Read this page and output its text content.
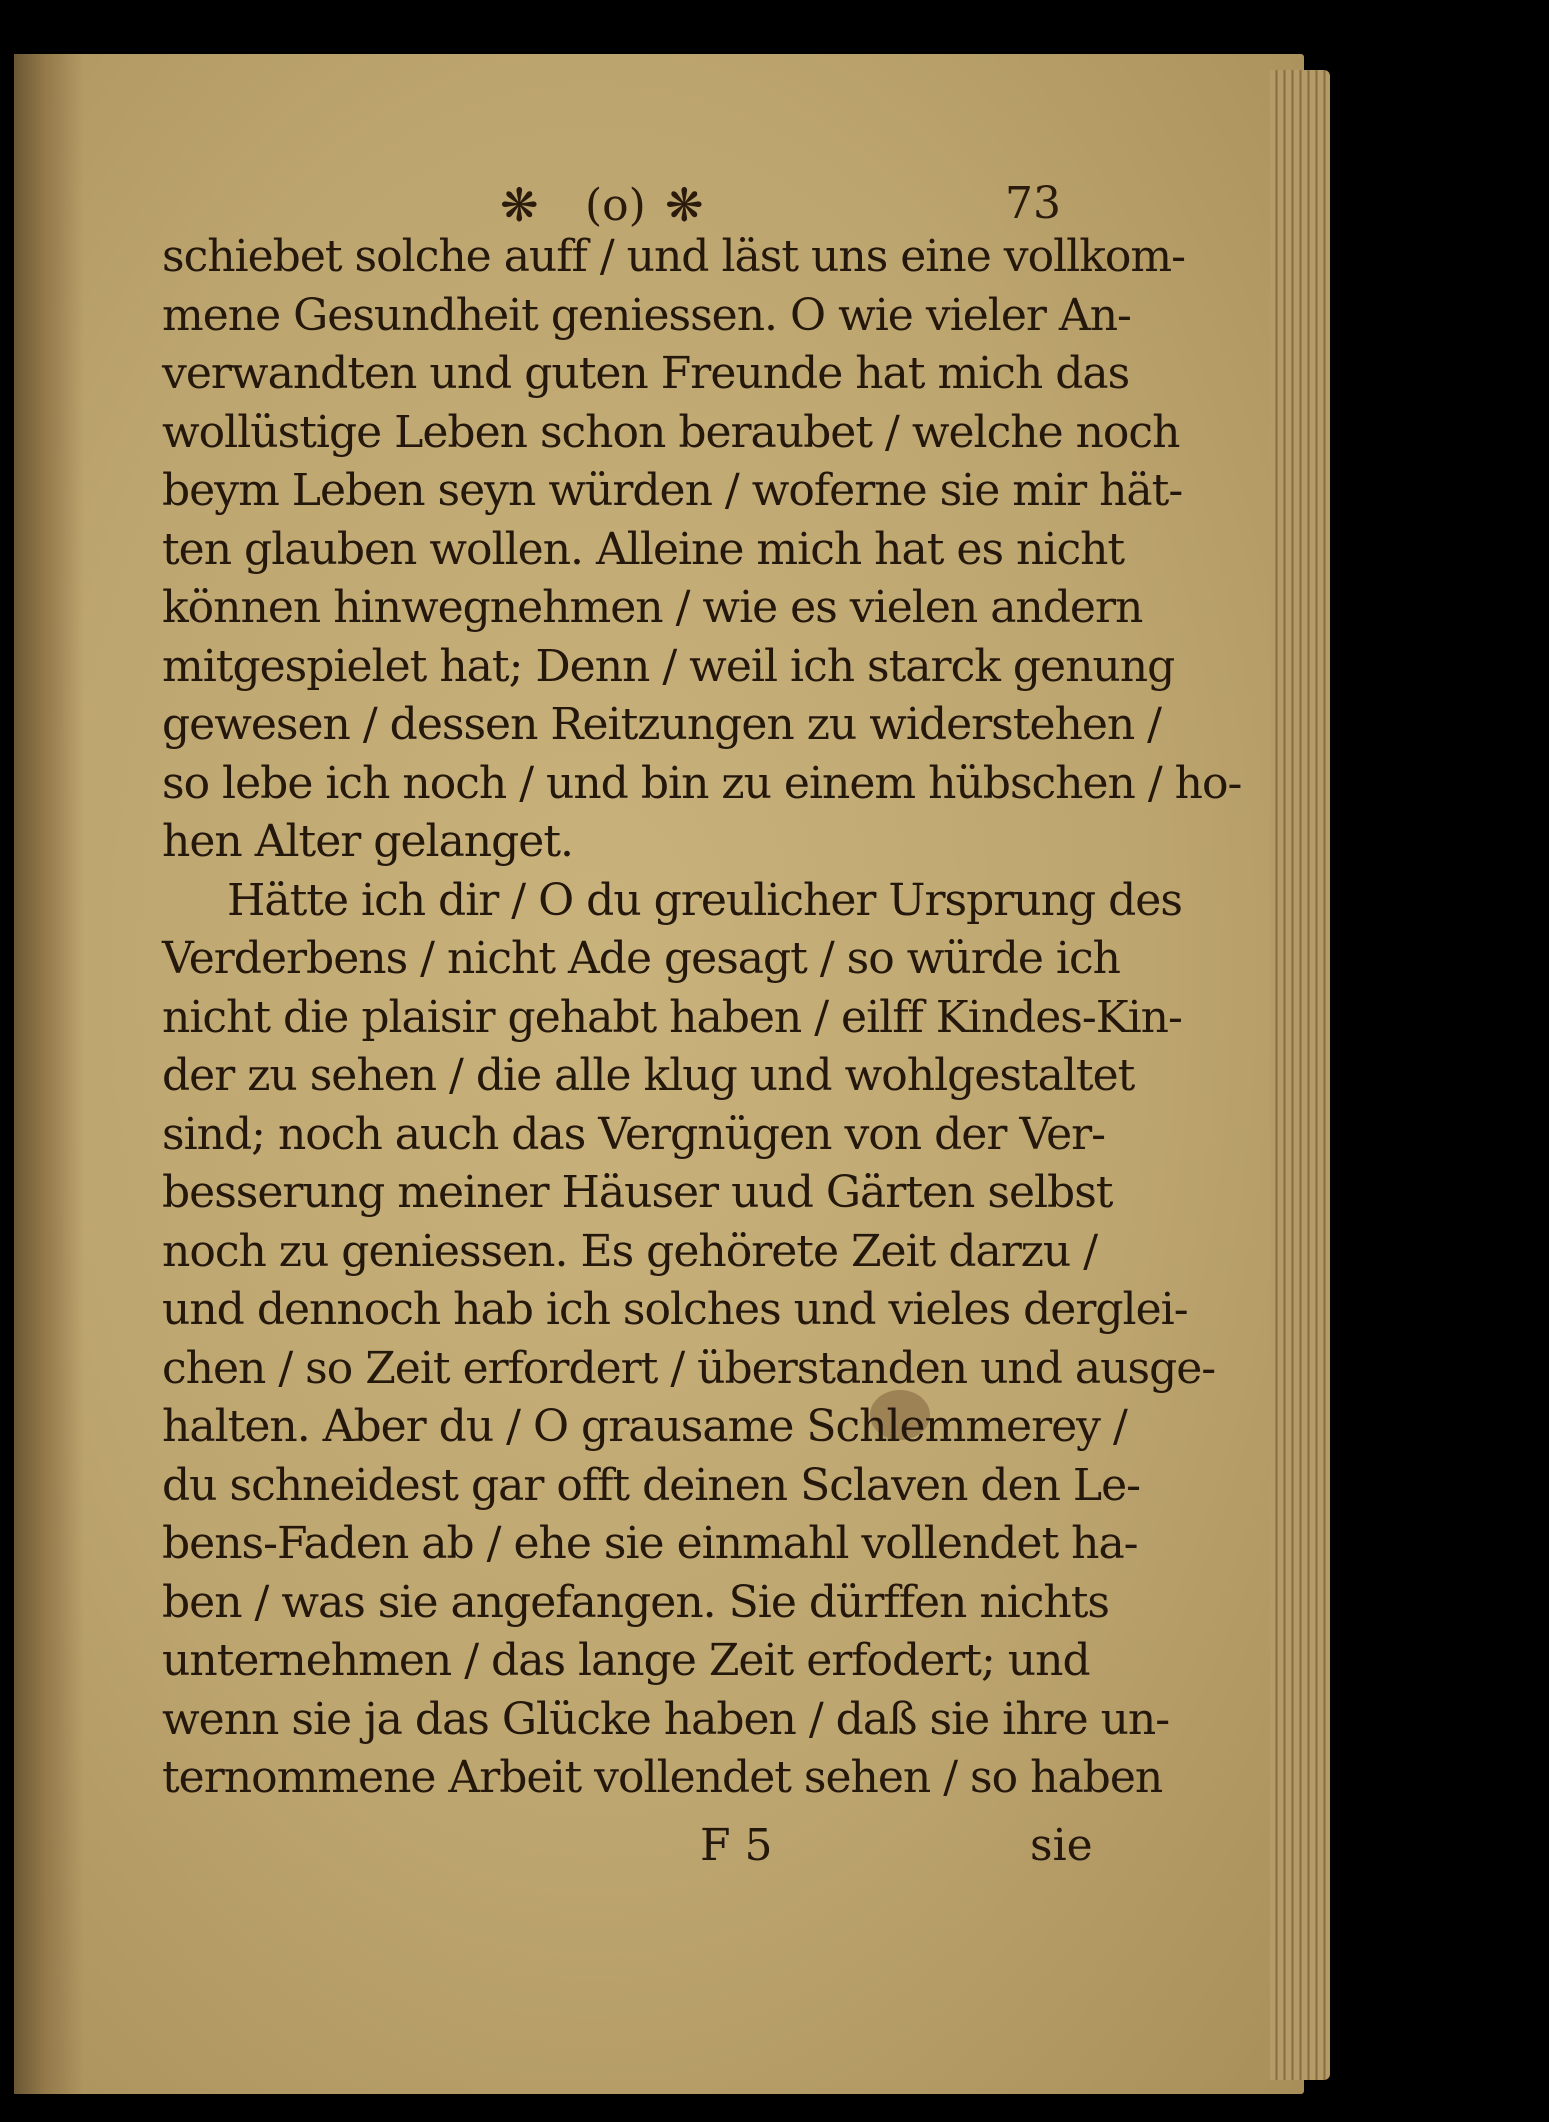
❋ (o) ❋	73
schiebet solche auff / und läst uns eine vollkom-
mene Gesundheit geniessen. O wie vieler An-
verwandten und guten Freunde hat mich das
wollüstige Leben schon beraubet / welche noch
beym Leben seyn würden / woferne sie mir hät-
ten glauben wollen. Alleine mich hat es nicht
können hinwegnehmen / wie es vielen andern
mitgespielet hat; Denn / weil ich starck genung
gewesen / dessen Reitzungen zu widerstehen /
so lebe ich noch / und bin zu einem hübschen / ho-
hen Alter gelanget.
Hätte ich dir / O du greulicher Ursprung des
Verderbens / nicht Ade gesagt / so würde ich
nicht die plaisir gehabt haben / eilff Kindes-Kin-
der zu sehen / die alle klug und wohlgestaltet
sind; noch auch das Vergnügen von der Ver-
besserung meiner Häuser uud Gärten selbst
noch zu geniessen. Es gehörete Zeit darzu /
und dennoch hab ich solches und vieles derglei-
chen / so Zeit erfordert / überstanden und ausge-
halten. Aber du / O grausame Schlemmerey /
du schneidest gar offt deinen Sclaven den Le-
bens-Faden ab / ehe sie einmahl vollendet ha-
ben / was sie angefangen. Sie dürffen nichts
unternehmen / das lange Zeit erfodert; und
wenn sie ja das Glücke haben / daß sie ihre un-
ternommene Arbeit vollendet sehen / so haben
F 5	sie
